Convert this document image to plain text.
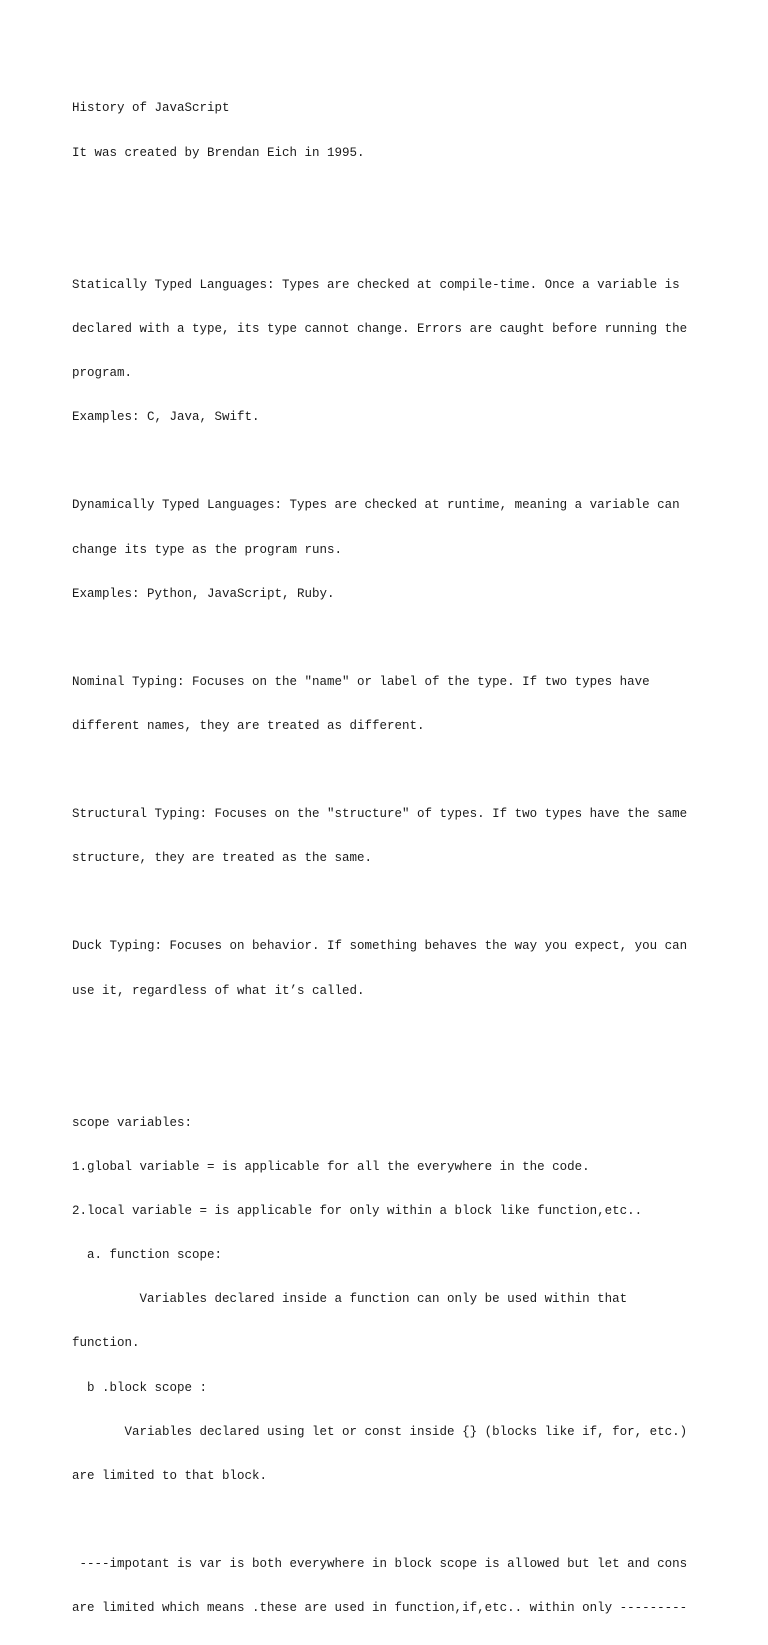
History of JavaScript

It was created by Brendan Eich in 1995.

Statically Typed Languages: Types are checked at compile-time. Once a variable is

declared with a type, its type cannot change. Errors are caught before running the

program.

Examples: C, Java, Swift.

Dynamically Typed Languages: Types are checked at runtime, meaning a variable can

change its type as the program runs.

Examples: Python, JavaScript, Ruby.

Nominal Typing: Focuses on the "name" or label of the type. If two types have

different names, they are treated as different.

Structural Typing: Focuses on the "structure" of types. If two types have the same

structure, they are treated as the same.

Duck Typing: Focuses on behavior. If something behaves the way you expect, you can

use it, regardless of what it’s called.

scope variables:

1.global variable = is applicable for all the everywhere in the code.

2.local variable = is applicable for only within a block like function,etc..

a. function scope:

Variables declared inside a function can only be used within that

function.

b .block scope :

Variables declared using let or const inside {} (blocks like if, for, etc.)

are limited to that block.

----impotant is var is both everywhere in block scope is allowed but let and cons

are limited which means .these are used in function,if,etc.. within only ---------
